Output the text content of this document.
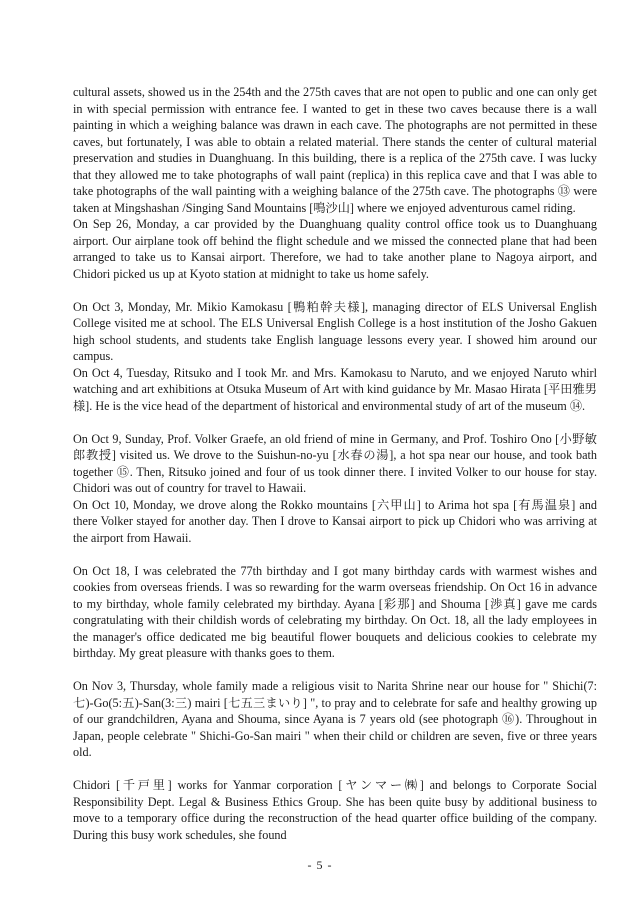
cultural assets, showed us in the 254th and the 275th caves that are not open to public and one can only get in with special permission with entrance fee. I wanted to get in these two caves because there is a wall painting in which a weighing balance was drawn in each cave. The photographs are not permitted in these caves, but fortunately, I was able to obtain a related material. There stands the center of cultural material preservation and studies in Duanghuang. In this building, there is a replica of the 275th cave. I was lucky that they allowed me to take photographs of wall paint (replica) in this replica cave and that I was able to take photographs of the wall painting with a weighing balance of the 275th cave. The photographs ⑬ were taken at Mingshashan /Singing Sand Mountains [鳴沙山] where we enjoyed adventurous camel riding.

On Sep 26, Monday, a car provided by the Duanghuang quality control office took us to Duanghuang airport. Our airplane took off behind the flight schedule and we missed the connected plane that had been arranged to take us to Kansai airport. Therefore, we had to take another plane to Nagoya airport, and Chidori picked us up at Kyoto station at midnight to take us home safely.

On Oct 3, Monday, Mr. Mikio Kamokasu [鴨粕幹夫様], managing director of ELS Universal English College visited me at school. The ELS Universal English College is a host institution of the Josho Gakuen high school students, and students take English language lessons every year. I showed him around our campus.

On Oct 4, Tuesday, Ritsuko and I took Mr. and Mrs. Kamokasu to Naruto, and we enjoyed Naruto whirl watching and art exhibitions at Otsuka Museum of Art with kind guidance by Mr. Masao Hirata [平田雅男様]. He is the vice head of the department of historical and environmental study of art of the museum ⑭.

On Oct 9, Sunday, Prof. Volker Graefe, an old friend of mine in Germany, and Prof. Toshiro Ono [小野敏郎教授] visited us. We drove to the Suishun-no-yu [水春の湯], a hot spa near our house, and took bath together ⑮. Then, Ritsuko joined and four of us took dinner there. I invited Volker to our house for stay. Chidori was out of country for travel to Hawaii.

On Oct 10, Monday, we drove along the Rokko mountains [六甲山] to Arima hot spa [有馬温泉] and there Volker stayed for another day. Then I drove to Kansai airport to pick up Chidori who was arriving at the airport from Hawaii.

On Oct 18, I was celebrated the 77th birthday and I got many birthday cards with warmest wishes and cookies from overseas friends. I was so rewarding for the warm overseas friendship. On Oct 16 in advance to my birthday, whole family celebrated my birthday. Ayana [彩那] and Shouma [渉真] gave me cards congratulating with their childish words of celebrating my birthday. On Oct. 18, all the lady employees in the manager's office dedicated me big beautiful flower bouquets and delicious cookies to celebrate my birthday. My great pleasure with thanks goes to them.

On Nov 3, Thursday, whole family made a religious visit to Narita Shrine near our house for " Shichi(7:七)-Go(5:五)-San(3:三) mairi [七五三まいり] ", to pray and to celebrate for safe and healthy growing up of our grandchildren, Ayana and Shouma, since Ayana is 7 years old (see photograph ⑯). Throughout in Japan, people celebrate " Shichi-Go-San mairi " when their child or children are seven, five or three years old.

Chidori [千戸里] works for Yanmar corporation [ヤンマー㈱] and belongs to Corporate Social Responsibility Dept. Legal & Business Ethics Group. She has been quite busy by additional business to move to a temporary office during the reconstruction of the head quarter office building of the company. During this busy work schedules, she found

- 5 -
